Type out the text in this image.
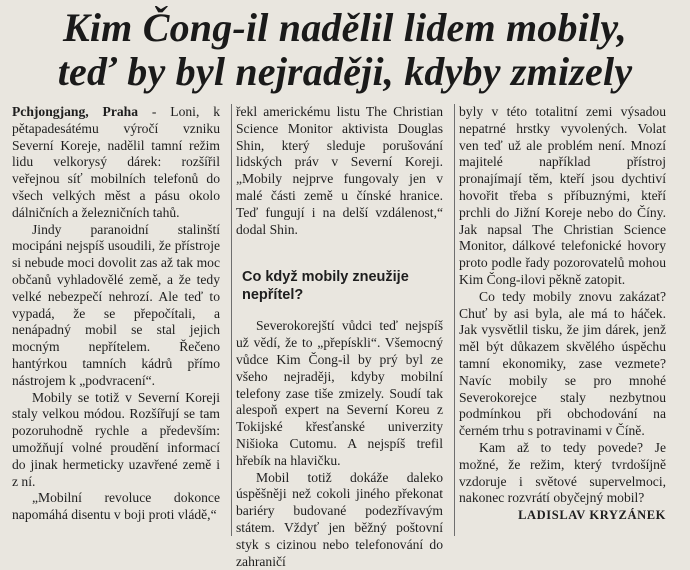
Kim Čong-il nadělil lidem mobily,
teď by byl nejraději, kdyby zmizely

Pchjongjang, Praha - Loni, k pětapadesátému výročí vzniku Severní Koreje, nadělil tamní režim lidu velkorysý dárek: rozšířil veřejnou síť mobilních telefonů do všech velkých měst a pásu okolo dálničních a železničních tahů.

Jindy paranoidní stalinští mocipáni nejspíš usoudili, že přístroje si nebude moci dovolit zas až tak moc občanů vyhladovělé země, a že tedy velké nebezpečí nehrozí. Ale teď to vypadá, že se přepočítali, a nenápadný mobil se stal jejich mocným nepřítelem. Řečeno hantýrkou tamních kádrů přímo nástrojem k „podvracení“.

Mobily se totiž v Severní Koreji staly velkou módou. Rozšířují se tam pozoruhodně rychle a především: umožňují volné proudění informací do jinak hermeticky uzavřené země i z ní.

„Mobilní revoluce dokonce napomáhá disentu v boji proti vládě,“

řekl americkému listu The Christian Science Monitor aktivista Douglas Shin, který sleduje porušování lidských práv v Severní Koreji. „Mobily nejprve fungovaly jen v malé části země u čínské hranice. Teď fungují i na delší vzdálenost,“ dodal Shin.

Co když mobily zneužije nepřítel?

Severokorejští vůdci teď nejspíš už vědí, že to „přepískli“. Všemocný vůdce Kim Čong-il by prý byl ze všeho nejraději, kdyby mobilní telefony zase tiše zmizely. Soudí tak alespoň expert na Severní Koreu z Tokijské křesťanské univerzity Nišioka Cutomu. A nejspíš trefil hřebík na hlavičku.

Mobil totiž dokáže daleko úspěšněji než cokoli jiného překonat bariéry budované podezřívavým státem. Vždyť jen běžný poštovní styk s cizinou nebo telefonování do zahraničí

byly v této totalitní zemi výsadou nepatrné hrstky vyvolených. Volat ven teď už ale problém není. Mnozí majitelé například přístroj pronajímají těm, kteří jsou dychtiví hovořit třeba s příbuznými, kteří prchli do Jižní Koreje nebo do Číny. Jak napsal The Christian Science Monitor, dálkové telefonické hovory proto podle řady pozorovatelů mohou Kim Čong-ilovi pěkně zatopit.

Co tedy mobily znovu zakázat? Chuť by asi byla, ale má to háček. Jak vysvětlil tisku, že jim dárek, jenž měl být důkazem skvělého úspěchu tamní ekonomiky, zase vezmete? Navíc mobily se pro mnohé Severokorejce staly nezbytnou podmínkou při obchodování na černém trhu s potravinami v Číně.

Kam až to tedy povede? Je možné, že režim, který tvrdošíjně vzdoruje i světové supervelmoci, nakonec rozvrátí obyčejný mobil?

LADISLAV KRYZÁNEK
